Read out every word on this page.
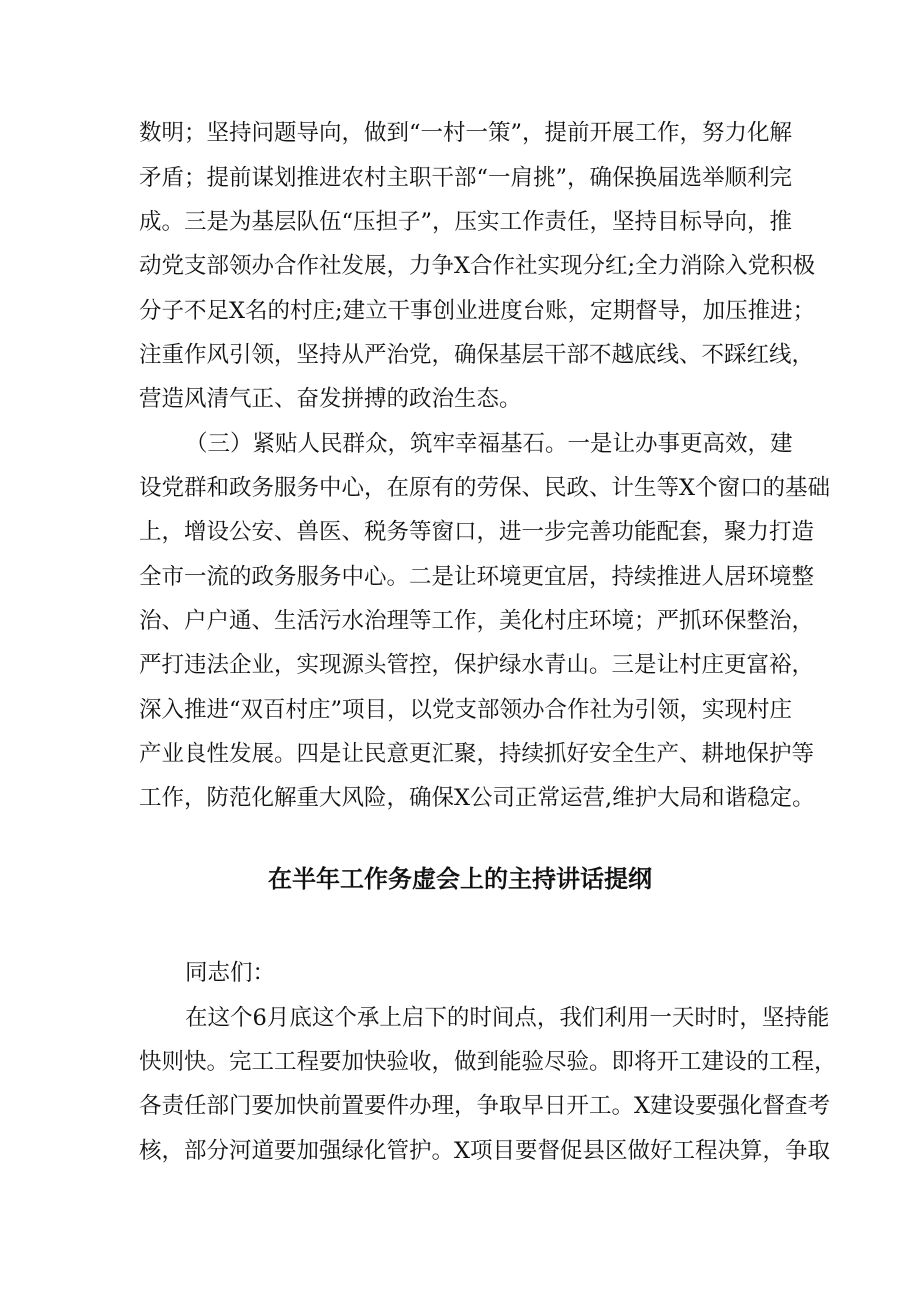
数明；坚持问题导向，做到“一村一策”，提前开展工作，努力化解
矛盾；提前谋划推进农村主职干部“一肩挑”，确保换届选举顺利完
成。三是为基层队伍“压担子”，压实工作责任，坚持目标导向，推
动党支部领办合作社发展，力争X合作社实现分红;全力消除入党积极
分子不足X名的村庄;建立干事创业进度台账，定期督导，加压推进；
注重作风引领，坚持从严治党，确保基层干部不越底线、不踩红线，
营造风清气正、奋发拼搏的政治生态。
（三）紧贴人民群众，筑牢幸福基石。一是让办事更高效，建
设党群和政务服务中心，在原有的劳保、民政、计生等X个窗口的基础
上，增设公安、兽医、税务等窗口，进一步完善功能配套，聚力打造
全市一流的政务服务中心。二是让环境更宜居，持续推进人居环境整
治、户户通、生活污水治理等工作，美化村庄环境；严抓环保整治，
严打违法企业，实现源头管控，保护绿水青山。三是让村庄更富裕，
深入推进“双百村庄”项目，以党支部领办合作社为引领，实现村庄
产业良性发展。四是让民意更汇聚，持续抓好安全生产、耕地保护等
工作，防范化解重大风险，确保X公司正常运营,维护大局和谐稳定。
在半年工作务虚会上的主持讲话提纲
同志们：
在这个6月底这个承上启下的时间点，我们利用一天时时，坚持能
快则快。完工工程要加快验收，做到能验尽验。即将开工建设的工程，
各责任部门要加快前置要件办理，争取早日开工。X建设要强化督查考
核，部分河道要加强绿化管护。X项目要督促县区做好工程决算，争取
